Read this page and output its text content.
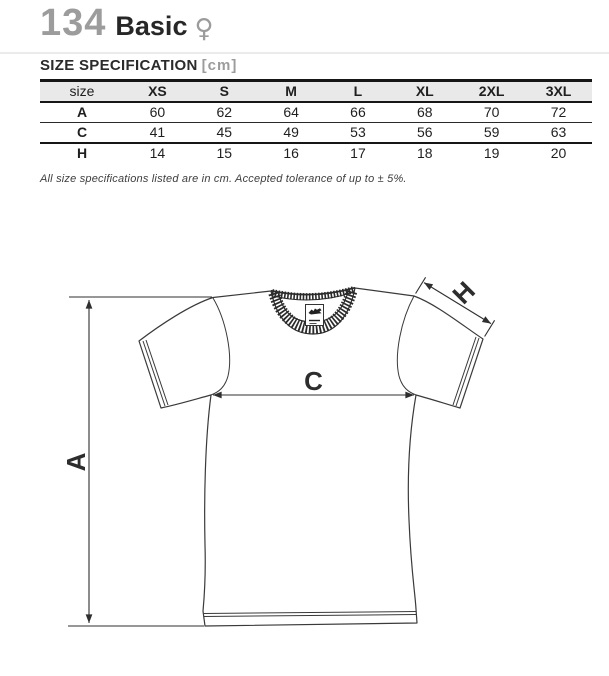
134 Basic ♀
SIZE SPECIFICATION [cm]
size	XS	S	M	L	XL	2XL	3XL
A	60	62	64	66	68	70	72
C	41	45	49	53	56	59	63
H	14	15	16	17	18	19	20
All size specifications listed are in cm. Accepted tolerance of up to ± 5%.
A
C
H
